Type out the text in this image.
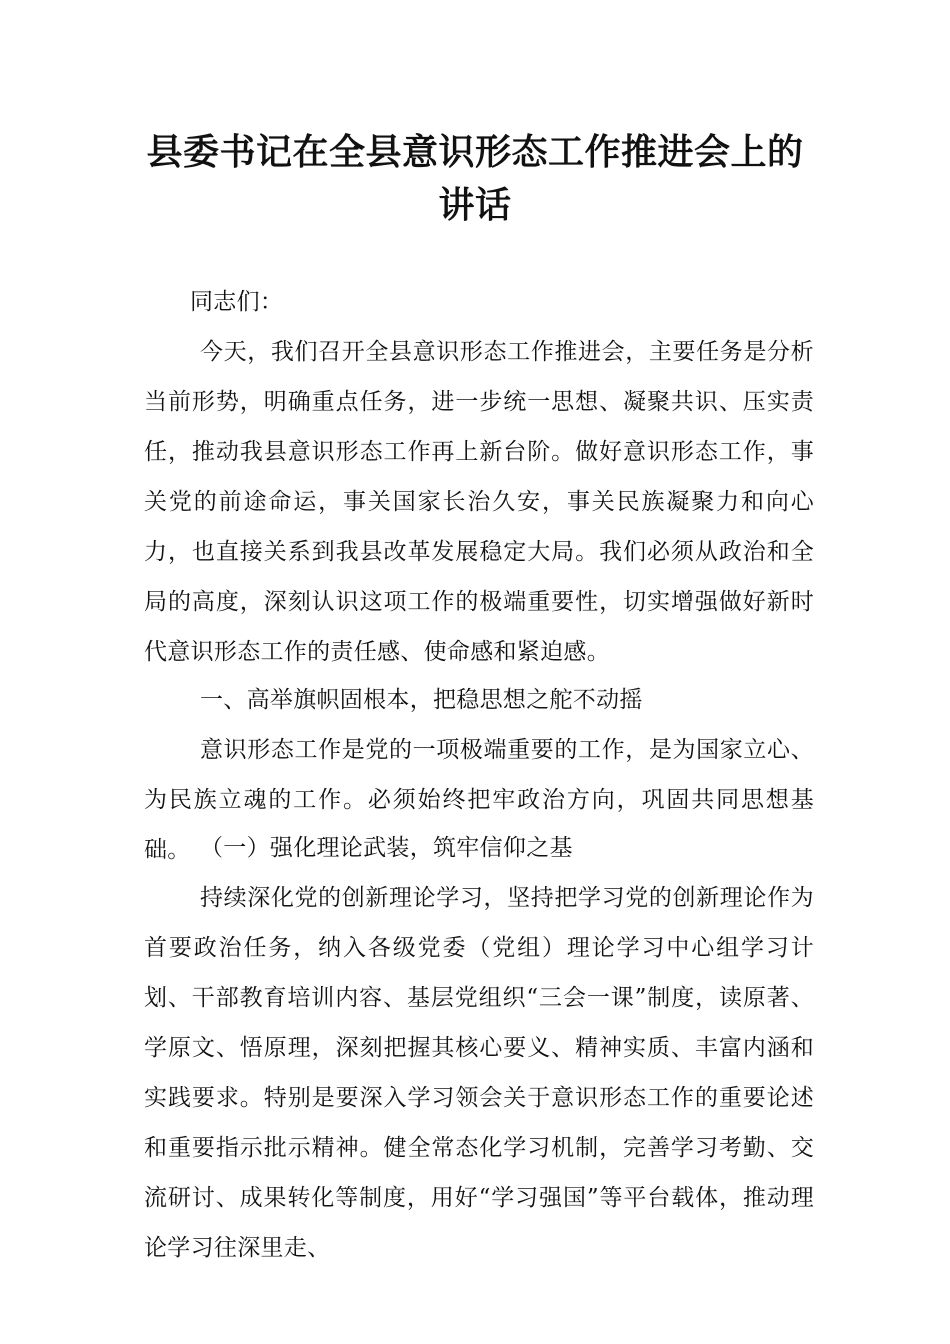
县委书记在全县意识形态工作推进会上的
讲话

同志们：

今天，我们召开全县意识形态工作推进会，主要任务是分析当前形势，明确重点任务，进一步统一思想、凝聚共识、压实责任，推动我县意识形态工作再上新台阶。做好意识形态工作，事关党的前途命运，事关国家长治久安，事关民族凝聚力和向心力，也直接关系到我县改革发展稳定大局。我们必须从政治和全局的高度，深刻认识这项工作的极端重要性，切实增强做好新时代意识形态工作的责任感、使命感和紧迫感。

一、高举旗帜固根本，把稳思想之舵不动摇

意识形态工作是党的一项极端重要的工作，是为国家立心、为民族立魂的工作。必须始终把牢政治方向，巩固共同思想基础。 （一）强化理论武装，筑牢信仰之基

持续深化党的创新理论学习，坚持把学习党的创新理论作为首要政治任务，纳入各级党委（党组）理论学习中心组学习计划、干部教育培训内容、基层党组织“三会一课”制度，读原著、学原文、悟原理，深刻把握其核心要义、精神实质、丰富内涵和实践要求。特别是要深入学习领会关于意识形态工作的重要论述和重要指示批示精神。健全常态化学习机制，完善学习考勤、交流研讨、成果转化等制度，用好“学习强国”等平台载体，推动理论学习往深里走、
